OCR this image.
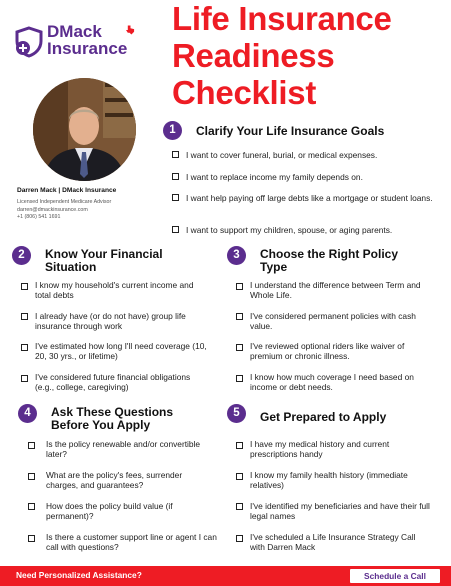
DMack
Insurance
Life Insurance Readiness Checklist
Darren Mack | DMack Insurance
Licensed Independent Medicare Advisor
darren@dmackinsurance.com
+1 (806) 541 1691
1	Clarify Your Life Insurance Goals
I want to cover funeral, burial, or medical expenses.
I want to replace income my family depends on.
I want help paying off large debts like a mortgage or student loans.
I want to support my children, spouse, or aging parents.
2	Know Your Financial Situation
I know my household's current income and total debts
I already have (or do not have) group life insurance through work
I've estimated how long I'll need coverage (10, 20, 30 yrs., or lifetime)
I've considered future financial obligations (e.g., college, caregiving)
3	Choose the Right Policy Type
I understand the difference between Term and Whole Life.
I've considered permanent policies with cash value.
I've reviewed optional riders like waiver of premium or chronic illness.
I know how much coverage I need based on income or debt needs.
4	Ask These Questions Before You Apply
Is the policy renewable and/or convertible later?
What are the policy's fees, surrender charges, and guarantees?
How does the policy build value (if permanent)?
Is there a customer support line or agent I can call with questions?
5	Get Prepared to Apply
I have my medical history and current prescriptions handy
I know my family health history (immediate relatives)
I've identified my beneficiaries and have their full legal names
I've scheduled a Life Insurance Strategy Call with Darren Mack
Need Personalized Assistance?	Schedule a Call
